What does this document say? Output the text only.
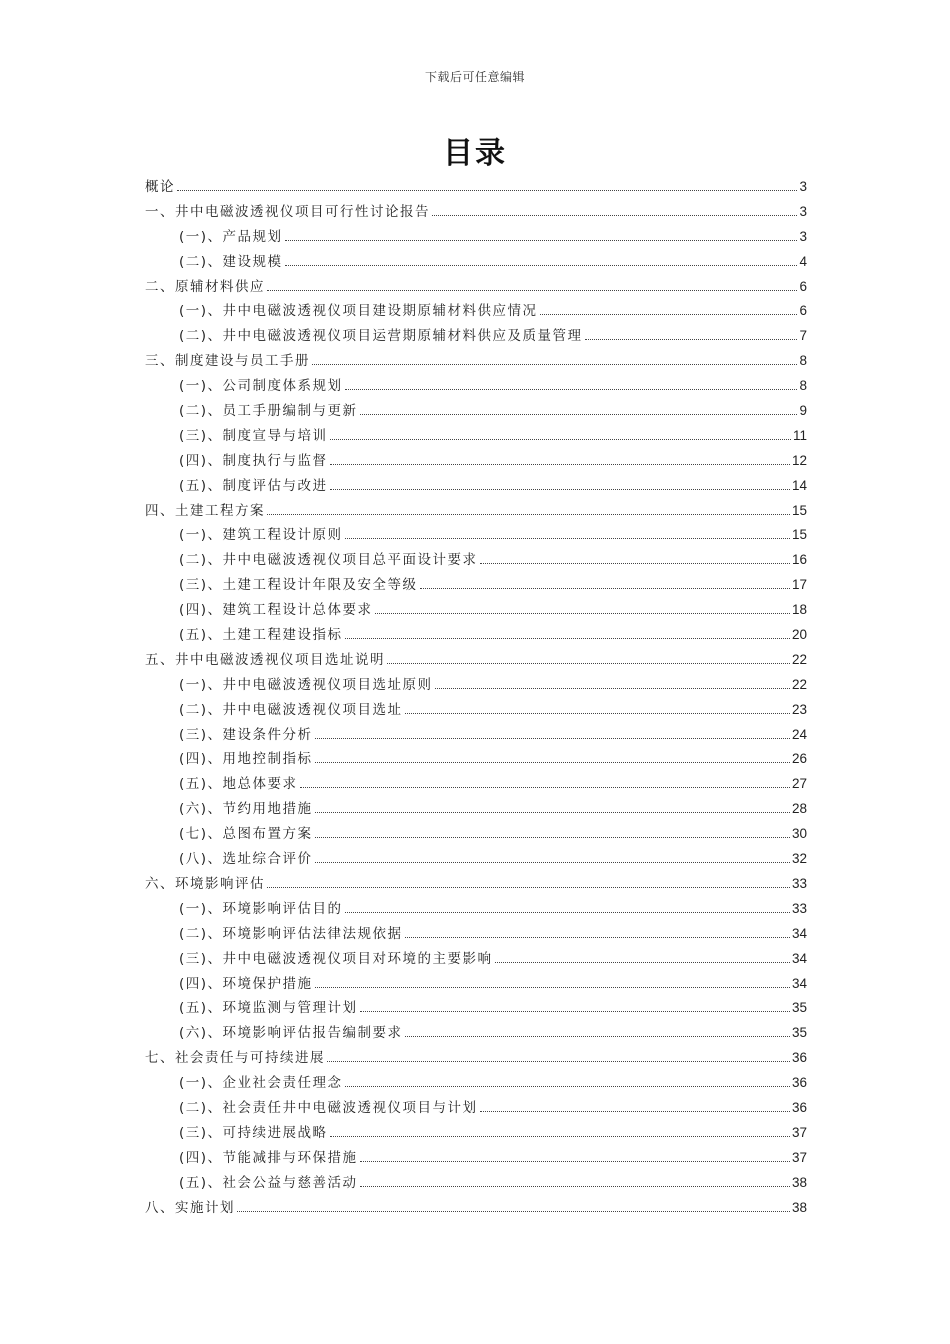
下载后可任意编辑
目录
概论	3
一、井中电磁波透视仪项目可行性讨论报告	3
(一)、产品规划	3
(二)、建设规模	4
二、原辅材料供应	6
(一)、井中电磁波透视仪项目建设期原辅材料供应情况	6
(二)、井中电磁波透视仪项目运营期原辅材料供应及质量管理	7
三、制度建设与员工手册	8
(一)、公司制度体系规划	8
(二)、员工手册编制与更新	9
(三)、制度宣导与培训	11
(四)、制度执行与监督	12
(五)、制度评估与改进	14
四、土建工程方案	15
(一)、建筑工程设计原则	15
(二)、井中电磁波透视仪项目总平面设计要求	16
(三)、土建工程设计年限及安全等级	17
(四)、建筑工程设计总体要求	18
(五)、土建工程建设指标	20
五、井中电磁波透视仪项目选址说明	22
(一)、井中电磁波透视仪项目选址原则	22
(二)、井中电磁波透视仪项目选址	23
(三)、建设条件分析	24
(四)、用地控制指标	26
(五)、地总体要求	27
(六)、节约用地措施	28
(七)、总图布置方案	30
(八)、选址综合评价	32
六、环境影响评估	33
(一)、环境影响评估目的	33
(二)、环境影响评估法律法规依据	34
(三)、井中电磁波透视仪项目对环境的主要影响	34
(四)、环境保护措施	34
(五)、环境监测与管理计划	35
(六)、环境影响评估报告编制要求	35
七、社会责任与可持续进展	36
(一)、企业社会责任理念	36
(二)、社会责任井中电磁波透视仪项目与计划	36
(三)、可持续进展战略	37
(四)、节能减排与环保措施	37
(五)、社会公益与慈善活动	38
八、实施计划	38
